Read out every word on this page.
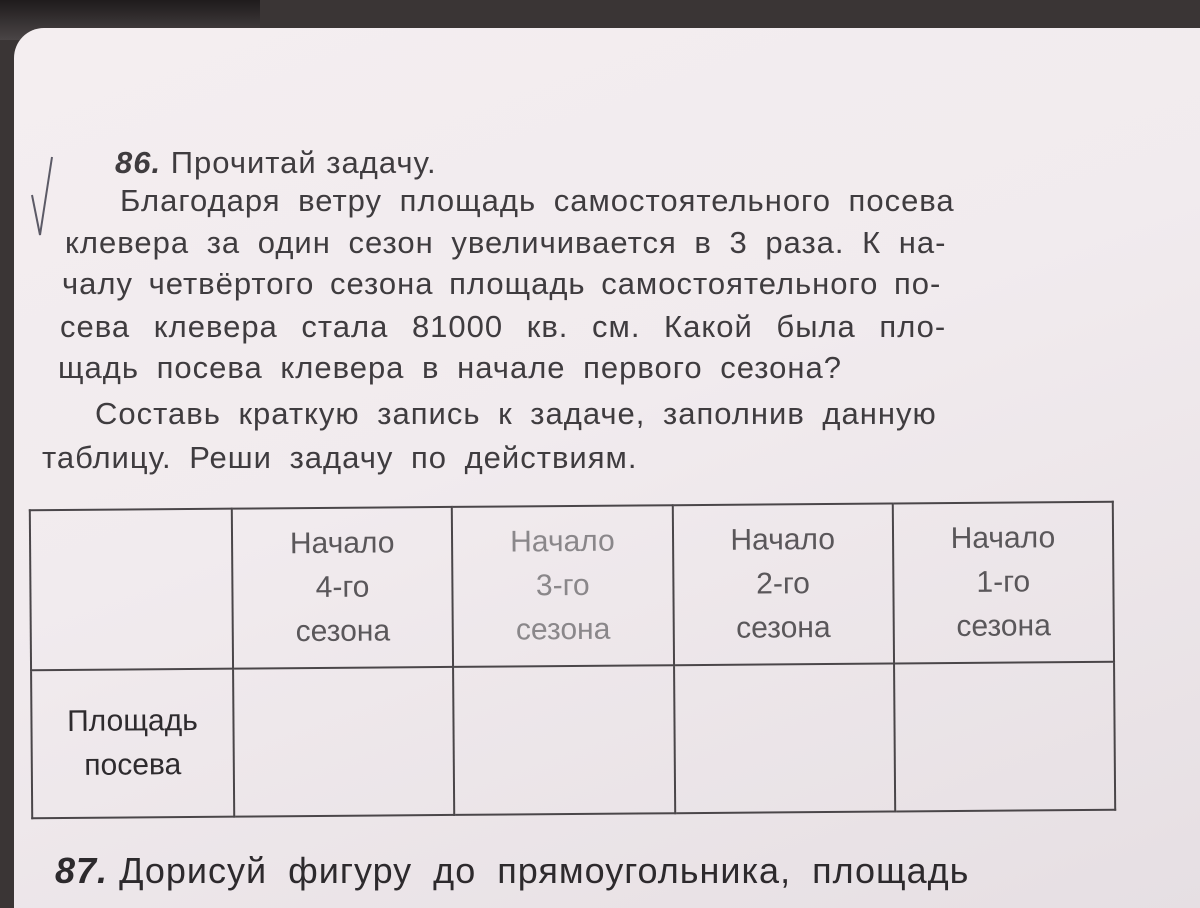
86. Прочитай задачу.

Благодаря ветру площадь самостоятельного посева

клевера за один сезон увеличивается в 3 раза. К на-

чалу четвёртого сезона площадь самостоятельного по-

сева клевера стала 81000 кв. см. Какой была пло-

щадь посева клевера в начале первого сезона?

Составь краткую запись к задаче, заполнив данную

таблицу. Реши задачу по действиям.

	Начало
4-го
сезона	Начало
3-го
сезона	Начало
2-го
сезона	Начало
1-го
сезона

Площадь
посева				

87. Дорисуй фигуру до прямоугольника, площадь
